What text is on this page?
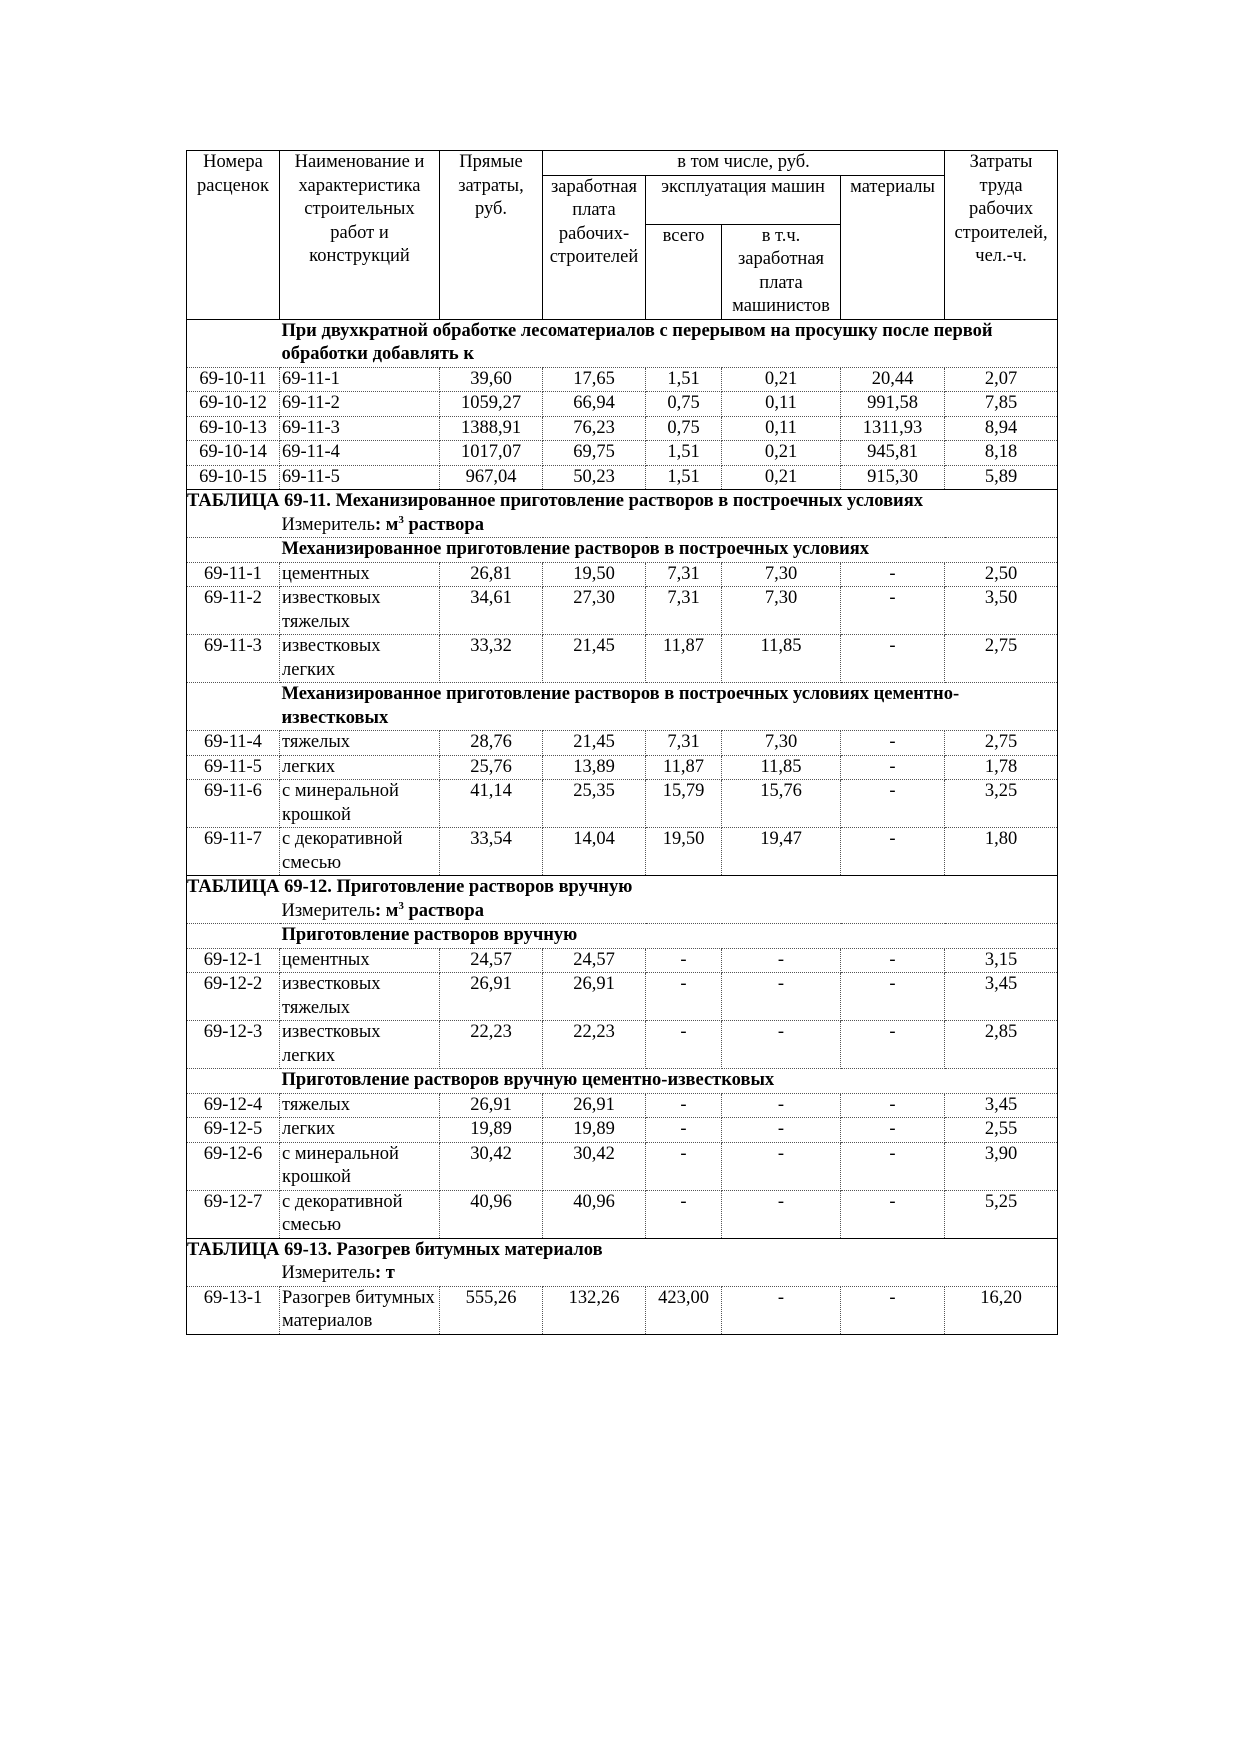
Номера расценок	Наименование и характеристика строительных работ и конструкций	Прямые затраты, руб.	в том числе, руб.				Затраты труда рабочих строителей, чел.-ч.
			заработная плата рабочих-строителей	эксплуатация машин		материалы	
				всего	в т.ч. заработная плата машинистов		
	При двухкратной обработке лесоматериалов с перерывом на просушку после первой обработки добавлять к						
69-10-11	69-11-1	39,60	17,65	1,51	0,21	20,44	2,07
69-10-12	69-11-2	1059,27	66,94	0,75	0,11	991,58	7,85
69-10-13	69-11-3	1388,91	76,23	0,75	0,11	1311,93	8,94
69-10-14	69-11-4	1017,07	69,75	1,51	0,21	945,81	8,18
69-10-15	69-11-5	967,04	50,23	1,51	0,21	915,30	5,89
ТАБЛИЦА 69-11. Механизированное приготовление растворов в построечных условиях							
	Измеритель: $м^3$ раствора						
	Механизированное приготовление растворов в построечных условиях						
69-11-1	цементных	26,81	19,50	7,31	7,30	-	2,50
69-11-2	известковых тяжелых	34,61	27,30	7,31	7,30	-	3,50
69-11-3	известковых легких	33,32	21,45	11,87	11,85	-	2,75
	Механизированное приготовление растворов в построечных условиях цементно-известковых						
69-11-4	тяжелых	28,76	21,45	7,31	7,30	-	2,75
69-11-5	легких	25,76	13,89	11,87	11,85	-	1,78
69-11-6	с минеральной крошкой	41,14	25,35	15,79	15,76	-	3,25
69-11-7	с декоративной смесью	33,54	14,04	19,50	19,47	-	1,80
ТАБЛИЦА 69-12. Приготовление растворов вручную							
	Измеритель: $м^3$ раствора						
	Приготовление растворов вручную						
69-12-1	цементных	24,57	24,57	-	-	-	3,15
69-12-2	известковых тяжелых	26,91	26,91	-	-	-	3,45
69-12-3	известковых легких	22,23	22,23	-	-	-	2,85
	Приготовление растворов вручную цементно-известковых						
69-12-4	тяжелых	26,91	26,91	-	-	-	3,45
69-12-5	легких	19,89	19,89	-	-	-	2,55
69-12-6	с минеральной крошкой	30,42	30,42	-	-	-	3,90
69-12-7	с декоративной смесью	40,96	40,96	-	-	-	5,25
ТАБЛИЦА 69-13. Разогрев битумных материалов							
	Измеритель: т						
69-13-1	Разогрев битумных материалов	555,26	132,26	423,00	-	-	16,20
